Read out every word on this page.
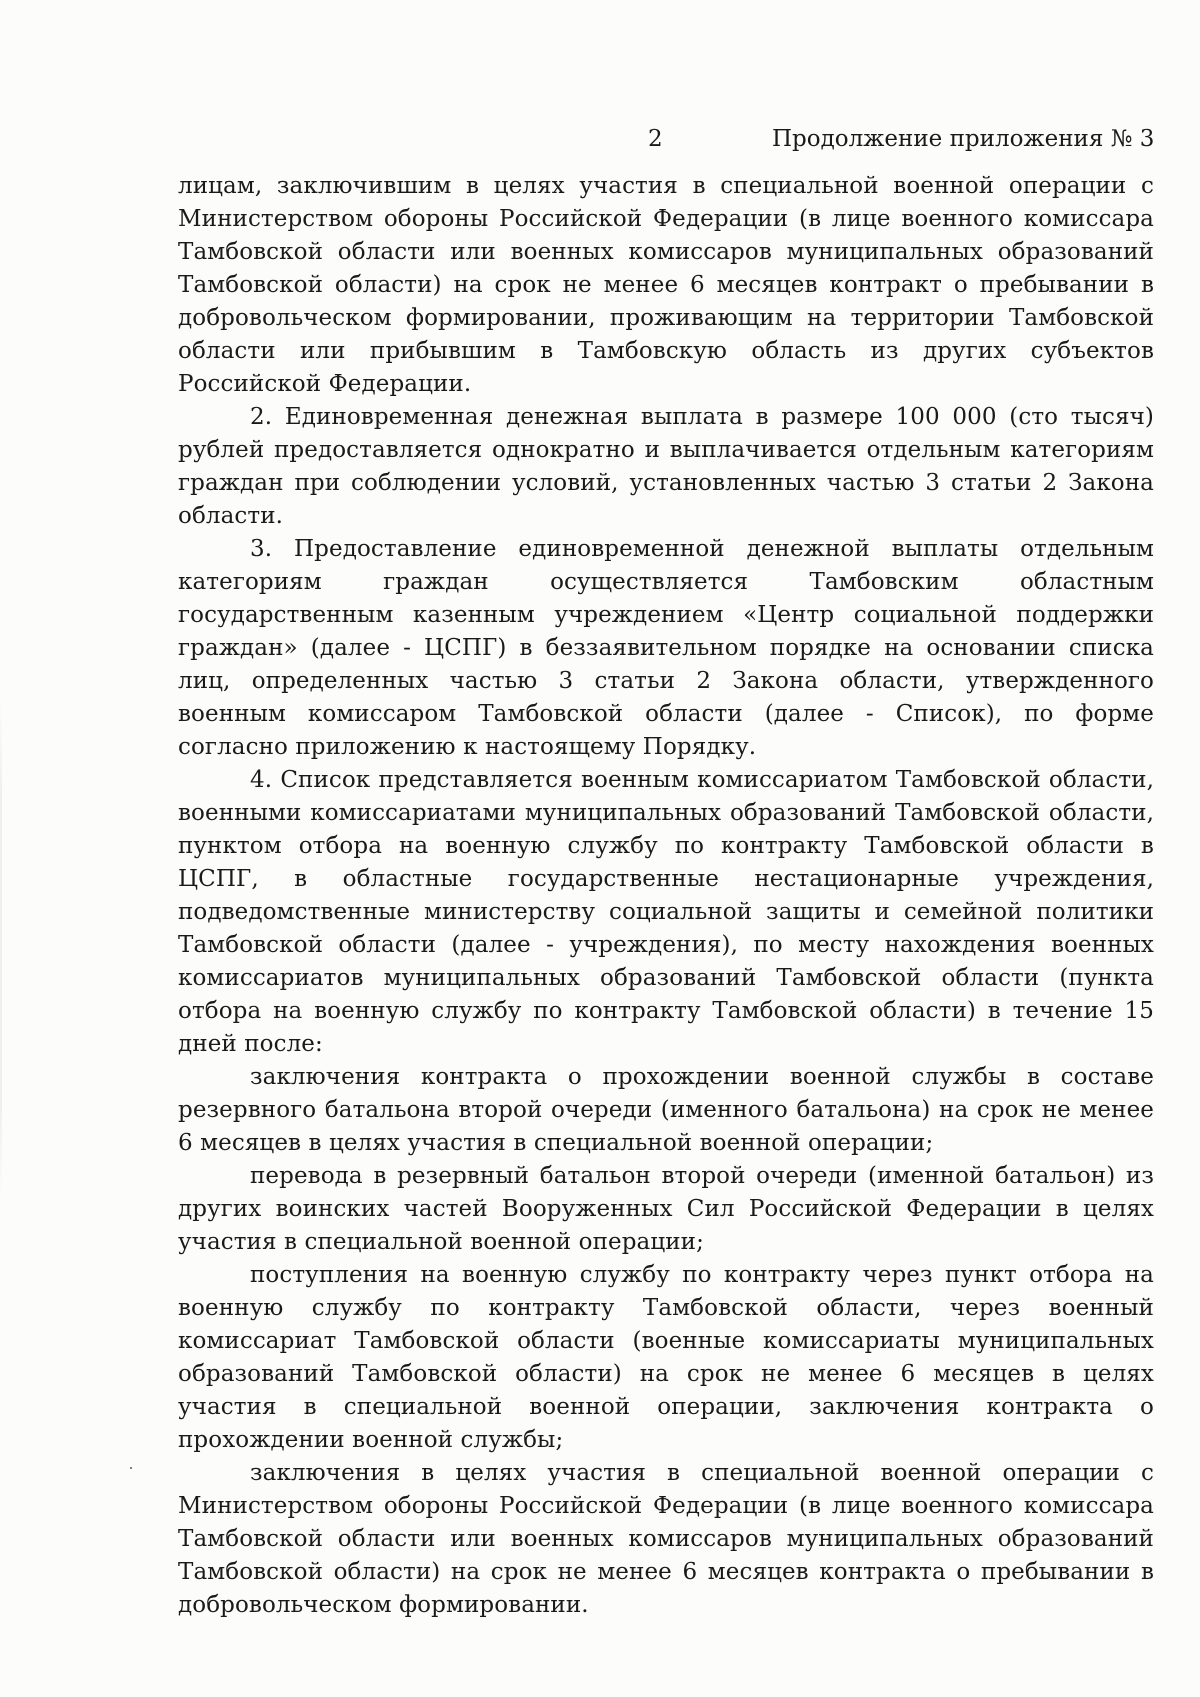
2	Продолжение приложения № 3

лицам, заключившим в целях участия в специальной военной операции с Министерством обороны Российской Федерации (в лице военного комиссара Тамбовской области или военных комиссаров муниципальных образований Тамбовской области) на срок не менее 6 месяцев контракт о пребывании в добровольческом формировании, проживающим на территории Тамбовской области или прибывшим в Тамбовскую область из других субъектов Российской Федерации.

2. Единовременная денежная выплата в размере 100 000 (сто тысяч) рублей предоставляется однократно и выплачивается отдельным категориям граждан при соблюдении условий, установленных частью 3 статьи 2 Закона области.

3. Предоставление единовременной денежной выплаты отдельным категориям граждан осуществляется Тамбовским областным государственным казенным учреждением «Центр социальной поддержки граждан» (далее - ЦСПГ) в беззаявительном порядке на основании списка лиц, определенных частью 3 статьи 2 Закона области, утвержденного военным комиссаром Тамбовской области (далее - Список), по форме согласно приложению к настоящему Порядку.

4. Список представляется военным комиссариатом Тамбовской области, военными комиссариатами муниципальных образований Тамбовской области, пунктом отбора на военную службу по контракту Тамбовской области в ЦСПГ, в областные государственные нестационарные учреждения, подведомственные министерству социальной защиты и семейной политики Тамбовской области (далее - учреждения), по месту нахождения военных комиссариатов муниципальных образований Тамбовской области (пункта отбора на военную службу по контракту Тамбовской области) в течение 15 дней после:

заключения контракта о прохождении военной службы в составе резервного батальона второй очереди (именного батальона) на срок не менее 6 месяцев в целях участия в специальной военной операции;

перевода в резервный батальон второй очереди (именной батальон) из других воинских частей Вооруженных Сил Российской Федерации в целях участия в специальной военной операции;

поступления на военную службу по контракту через пункт отбора на военную службу по контракту Тамбовской области, через военный комиссариат Тамбовской области (военные комиссариаты муниципальных образований Тамбовской области) на срок не менее 6 месяцев в целях участия в специальной военной операции, заключения контракта о прохождении военной службы;

заключения в целях участия в специальной военной операции с Министерством обороны Российской Федерации (в лице военного комиссара Тамбовской области или военных комиссаров муниципальных образований Тамбовской области) на срок не менее 6 месяцев контракта о пребывании в добровольческом формировании.
